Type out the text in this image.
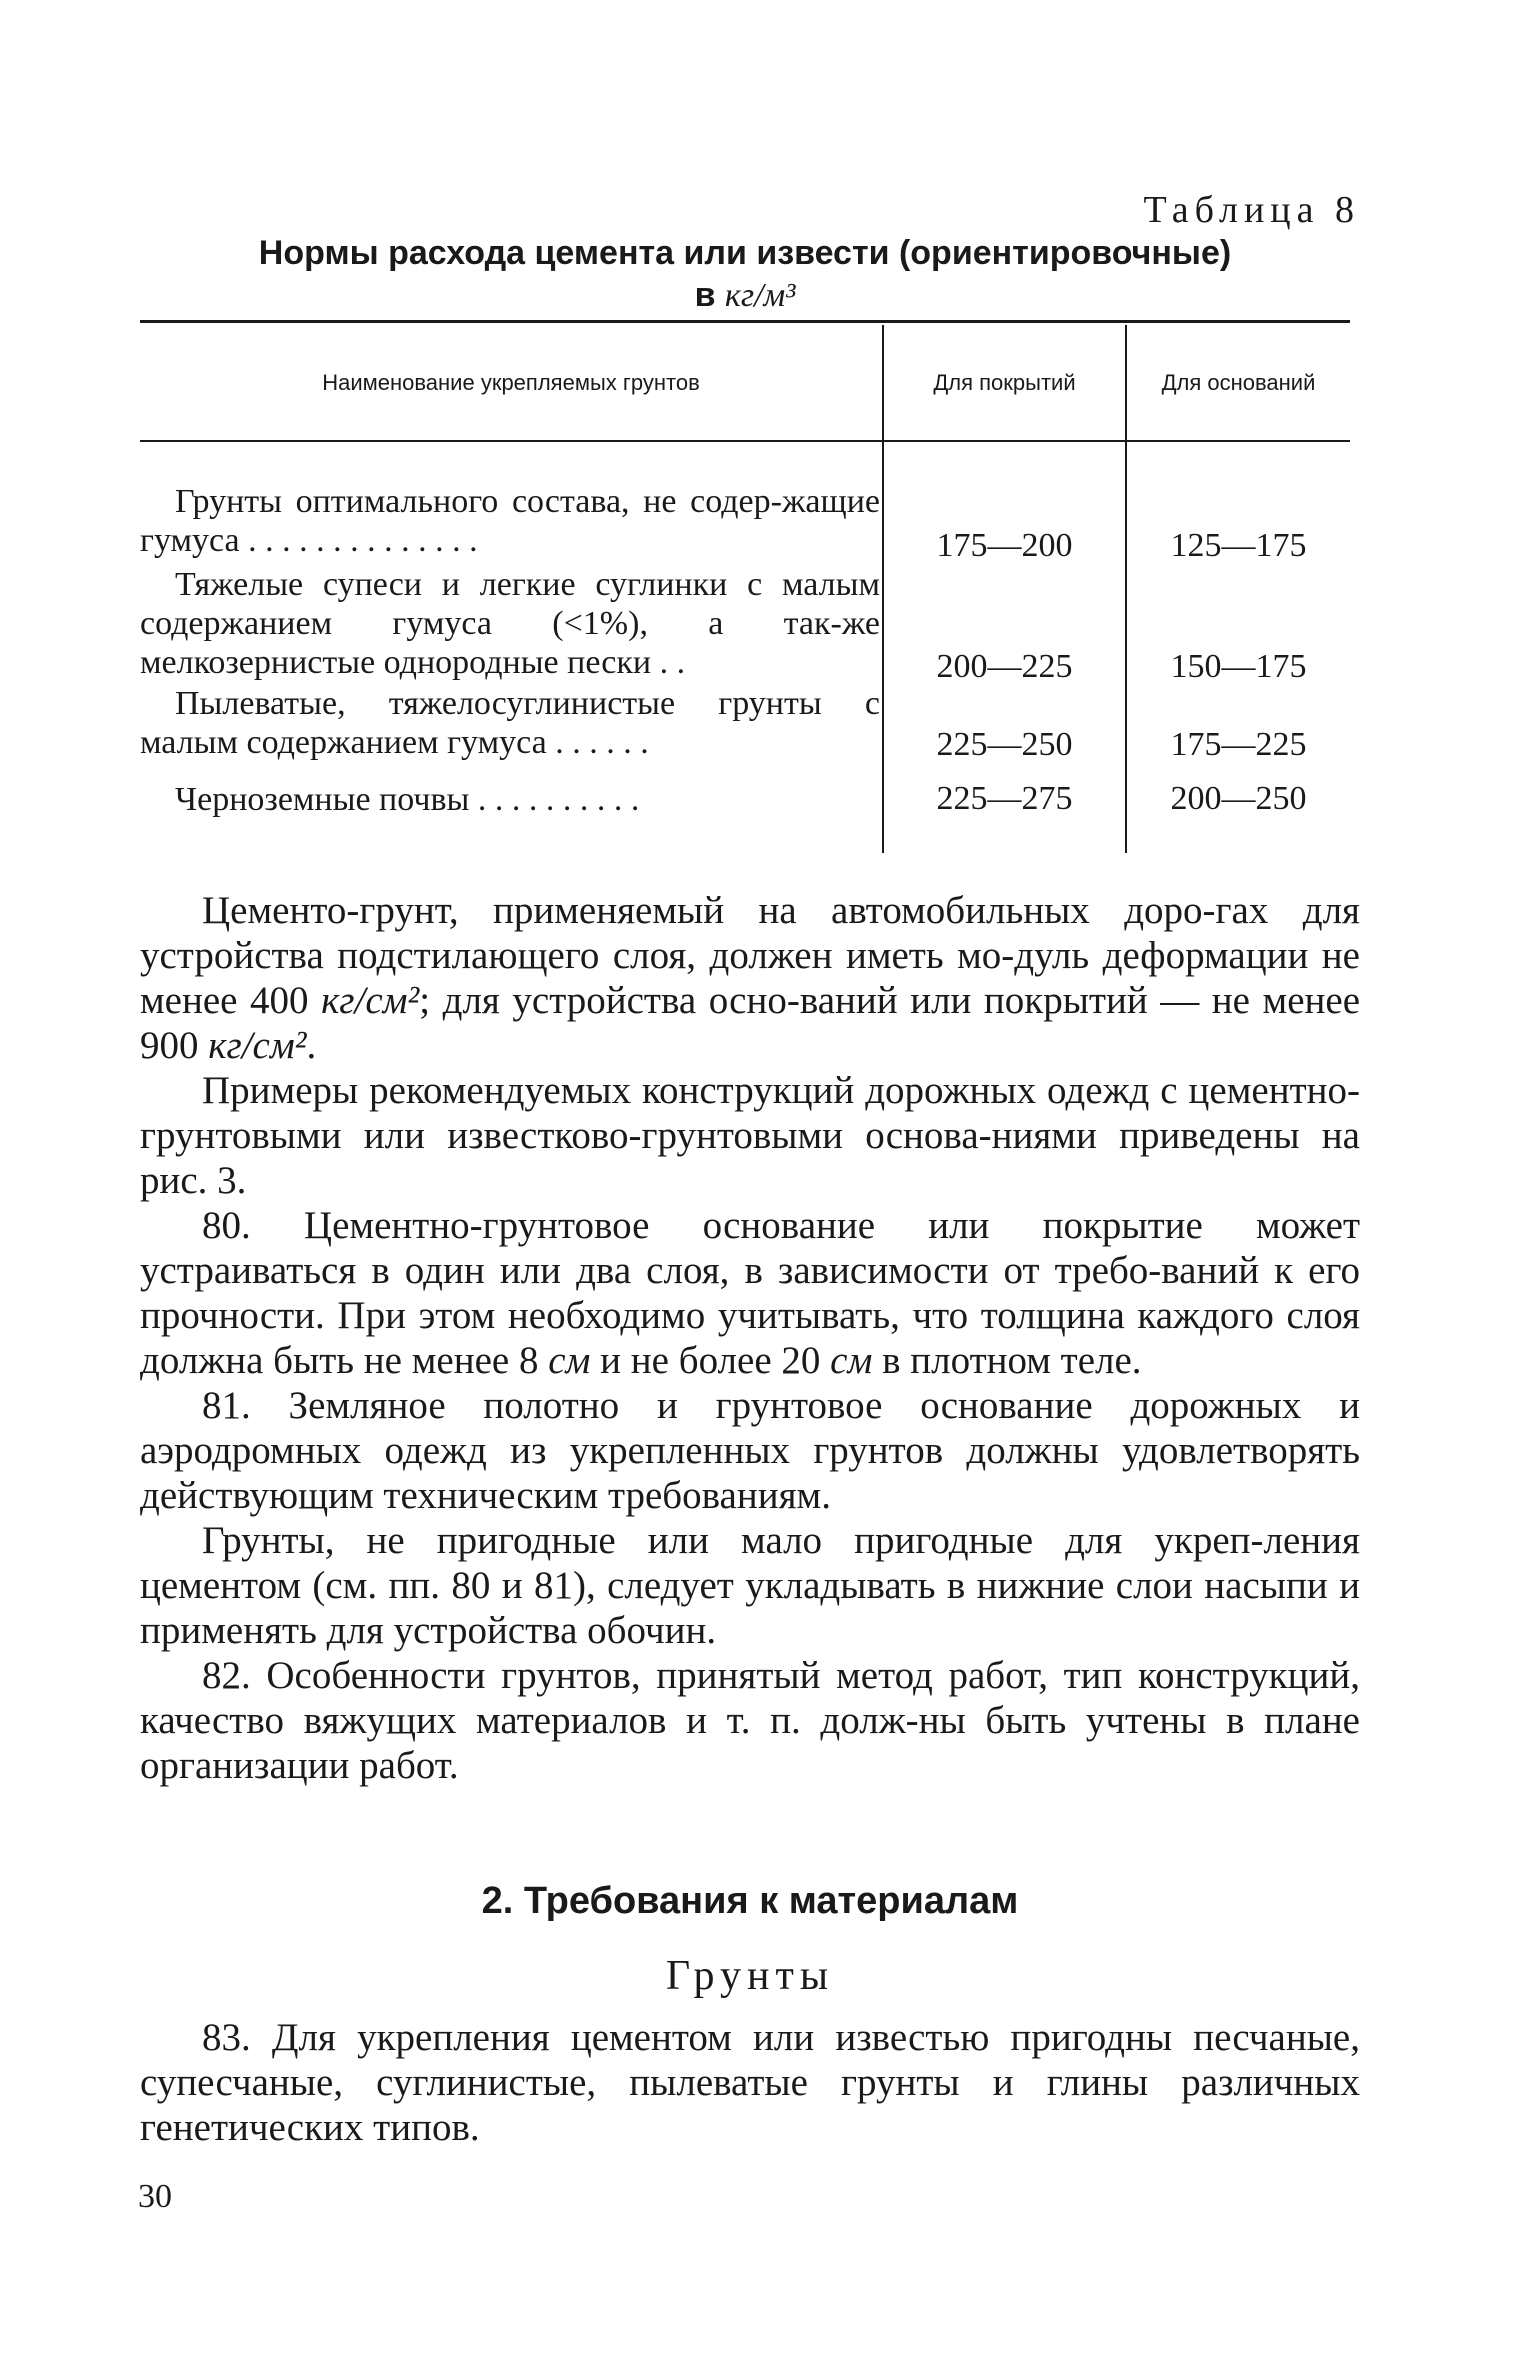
Таблица 8
Нормы расхода цемента или извести (ориентировочные)
в кг/м³
Наименование укрепляемых грунтов	Для покрытий	Для оснований
Грунты оптимального состава, не содер-жащие гумуса . . . . . . . . . . . . . .	175—200	125—175
Тяжелые супеси и легкие суглинки с малым содержанием гумуса (<1%), а так-же мелкозернистые однородные пески . .	200—225	150—175
Пылеватые, тяжелосуглинистые грунты с малым содержанием гумуса . . . . . .	225—250	175—225
Черноземные почвы . . . . . . . . . .	225—275	200—250

Цементо-грунт, применяемый на автомобильных доро-гах для устройства подстилающего слоя, должен иметь мо-дуль деформации не менее 400 кг/см²; для устройства осно-ваний или покрытий — не менее 900 кг/см².

Примеры рекомендуемых конструкций дорожных одежд с цементно-грунтовыми или известково-грунтовыми основа-ниями приведены на рис. 3.

80. Цементно-грунтовое основание или покрытие может устраиваться в один или два слоя, в зависимости от требо-ваний к его прочности. При этом необходимо учитывать, что толщина каждого слоя должна быть не менее 8 см и не более 20 см в плотном теле.

81. Земляное полотно и грунтовое основание дорожных и аэродромных одежд из укрепленных грунтов должны удовлетворять действующим техническим требованиям.

Грунты, не пригодные или мало пригодные для укреп-ления цементом (см. пп. 80 и 81), следует укладывать в нижние слои насыпи и применять для устройства обочин.

82. Особенности грунтов, принятый метод работ, тип конструкций, качество вяжущих материалов и т. п. долж-ны быть учтены в плане организации работ.

2. Требования к материалам
Грунты

83. Для укрепления цементом или известью пригодны песчаные, супесчаные, суглинистые, пылеватые грунты и глины различных генетических типов.

30
